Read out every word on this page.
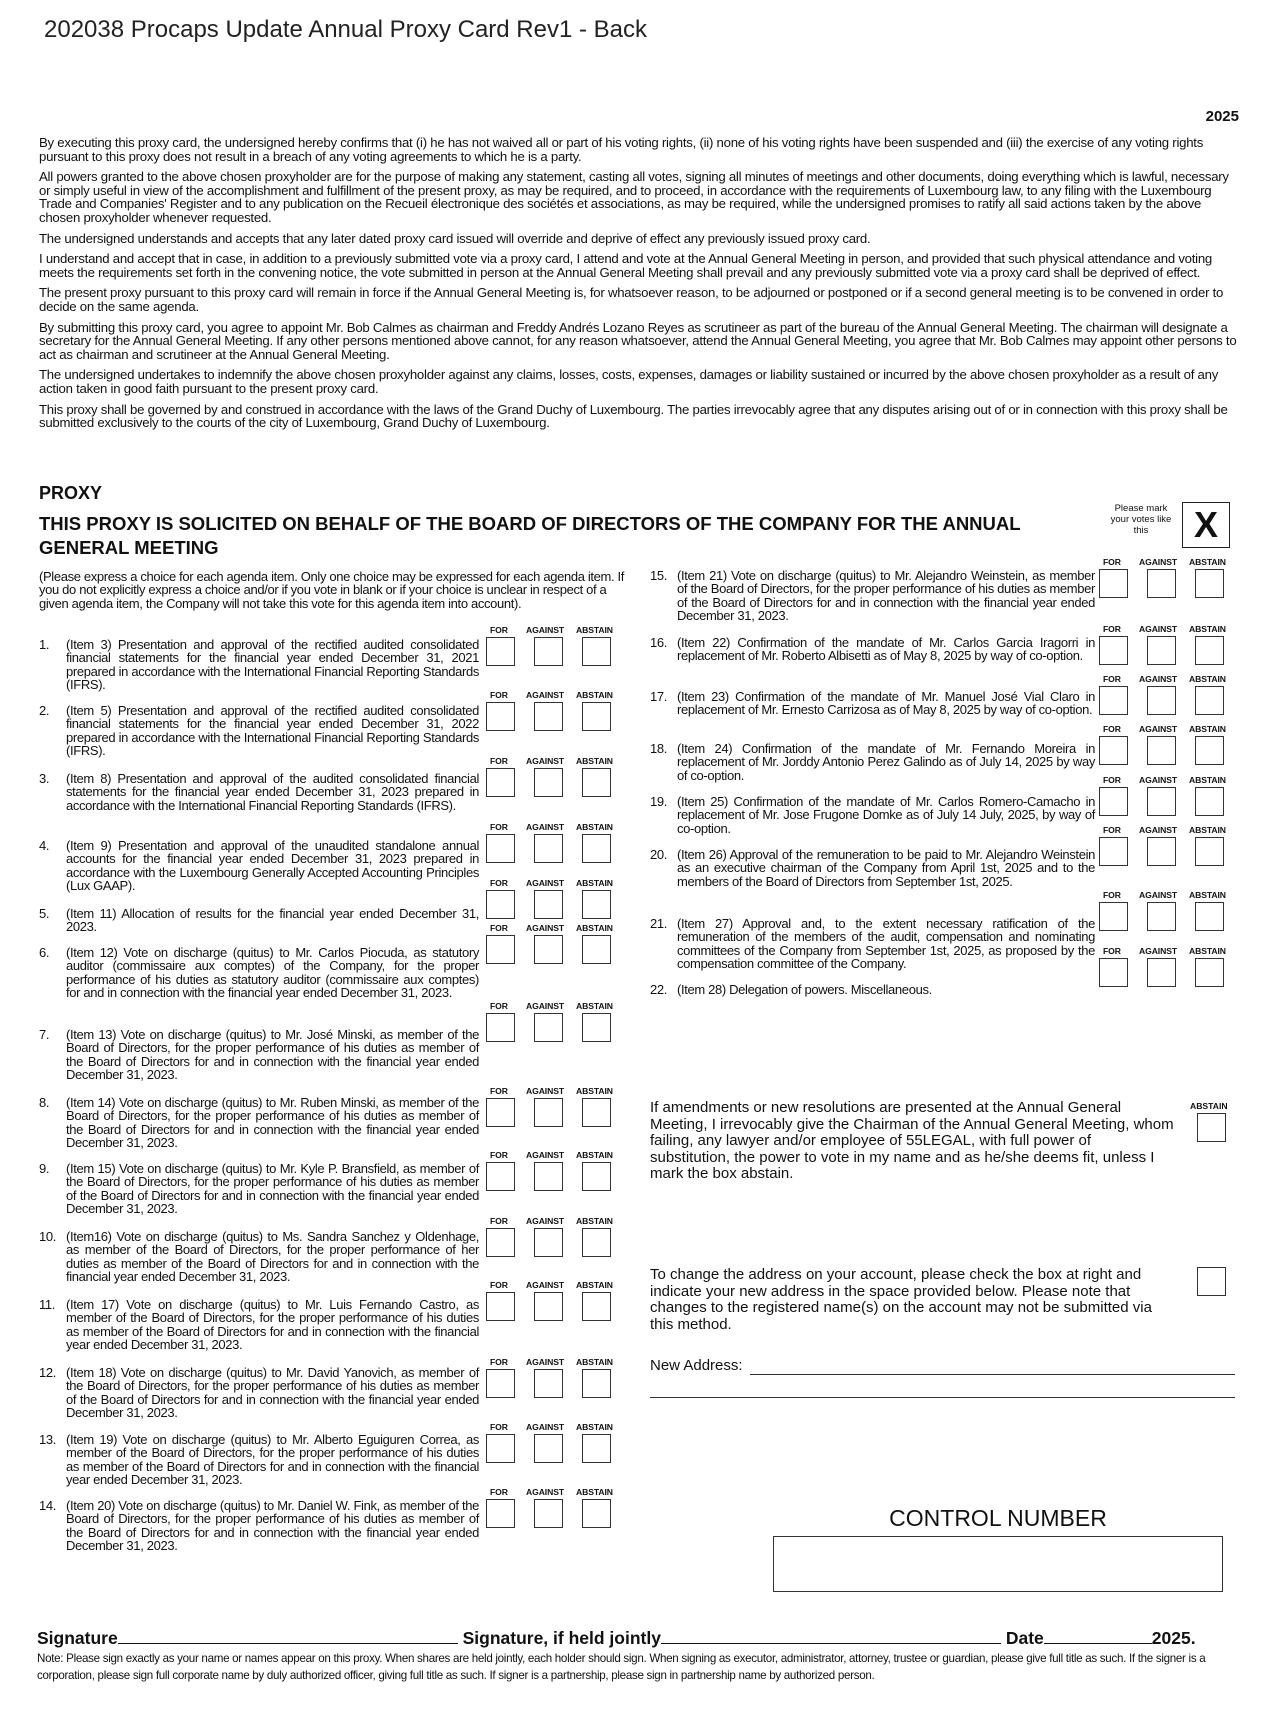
202038 Procaps Update Annual Proxy Card Rev1 - Back
2025

By executing this proxy card, the undersigned hereby confirms that (i) he has not waived all or part of his voting rights, (ii) none of his voting rights have been suspended and (iii) the exercise of any voting rights pursuant to this proxy does not result in a breach of any voting agreements to which he is a party.

All powers granted to the above chosen proxyholder are for the purpose of making any statement, casting all votes, signing all minutes of meetings and other documents, doing everything which is lawful, necessary or simply useful in view of the accomplishment and fulfillment of the present proxy, as may be required, and to proceed, in accordance with the requirements of Luxembourg law, to any filing with the Luxembourg Trade and Companies' Register and to any publication on the Recueil électronique des sociétés et associations, as may be required, while the undersigned promises to ratify all said actions taken by the above chosen proxyholder whenever requested.

The undersigned understands and accepts that any later dated proxy card issued will override and deprive of effect any previously issued proxy card.

I understand and accept that in case, in addition to a previously submitted vote via a proxy card, I attend and vote at the Annual General Meeting in person, and provided that such physical attendance and voting meets the requirements set forth in the convening notice, the vote submitted in person at the Annual General Meeting shall prevail and any previously submitted vote via a proxy card shall be deprived of effect.

The present proxy pursuant to this proxy card will remain in force if the Annual General Meeting is, for whatsoever reason, to be adjourned or postponed or if a second general meeting is to be convened in order to decide on the same agenda.

By submitting this proxy card, you agree to appoint Mr. Bob Calmes as chairman and Freddy Andrés Lozano Reyes as scrutineer as part of the bureau of the Annual General Meeting. The chairman will designate a secretary for the Annual General Meeting. If any other persons mentioned above cannot, for any reason whatsoever, attend the Annual General Meeting, you agree that Mr. Bob Calmes may appoint other persons to act as chairman and scrutineer at the Annual General Meeting.

The undersigned undertakes to indemnify the above chosen proxyholder against any claims, losses, costs, expenses, damages or liability sustained or incurred by the above chosen proxyholder as a result of any action taken in good faith pursuant to the present proxy card.

This proxy shall be governed by and construed in accordance with the laws of the Grand Duchy of Luxembourg. The parties irrevocably agree that any disputes arising out of or in connection with this proxy shall be submitted exclusively to the courts of the city of Luxembourg, Grand Duchy of Luxembourg.

PROXY
THIS PROXY IS SOLICITED ON BEHALF OF THE BOARD OF DIRECTORS OF THE COMPANY FOR THE ANNUAL GENERAL MEETING
Please mark your votes like this	X
(Please express a choice for each agenda item. Only one choice may be expressed for each agenda item. If you do not explicitly express a choice and/or if you vote in blank or if your choice is unclear in respect of a given agenda item, the Company will not take this vote for this agenda item into account).
1. (Item 3) Presentation and approval of the rectified audited consolidated financial statements for the financial year ended December 31, 2021 prepared in accordance with the International Financial Reporting Standards (IFRS).
FOR AGAINST ABSTAIN
2. (Item 5) Presentation and approval of the rectified audited consolidated financial statements for the financial year ended December 31, 2022 prepared in accordance with the International Financial Reporting Standards (IFRS).
FOR AGAINST ABSTAIN
3. (Item 8) Presentation and approval of the audited consolidated financial statements for the financial year ended December 31, 2023 prepared in accordance with the International Financial Reporting Standards (IFRS).
FOR AGAINST ABSTAIN
4. (Item 9) Presentation and approval of the unaudited standalone annual accounts for the financial year ended December 31, 2023 prepared in accordance with the Luxembourg Generally Accepted Accounting Principles (Lux GAAP).
FOR AGAINST ABSTAIN
5. (Item 11) Allocation of results for the financial year ended December 31, 2023.
FOR AGAINST ABSTAIN
6. (Item 12) Vote on discharge (quitus) to Mr. Carlos Piocuda, as statutory auditor (commissaire aux comptes) of the Company, for the proper performance of his duties as statutory auditor (commissaire aux comptes) for and in connection with the financial year ended December 31, 2023.
FOR AGAINST ABSTAIN
7. (Item 13) Vote on discharge (quitus) to Mr. José Minski, as member of the Board of Directors, for the proper performance of his duties as member of the Board of Directors for and in connection with the financial year ended December 31, 2023.
FOR AGAINST ABSTAIN
8. (Item 14) Vote on discharge (quitus) to Mr. Ruben Minski, as member of the Board of Directors, for the proper performance of his duties as member of the Board of Directors for and in connection with the financial year ended December 31, 2023.
FOR AGAINST ABSTAIN
9. (Item 15) Vote on discharge (quitus) to Mr. Kyle P. Bransfield, as member of the Board of Directors, for the proper performance of his duties as member of the Board of Directors for and in connection with the financial year ended December 31, 2023.
FOR AGAINST ABSTAIN
10. (Item16) Vote on discharge (quitus) to Ms. Sandra Sanchez y Oldenhage, as member of the Board of Directors, for the proper performance of her duties as member of the Board of Directors for and in connection with the financial year ended December 31, 2023.
FOR AGAINST ABSTAIN
11. (Item 17) Vote on discharge (quitus) to Mr. Luis Fernando Castro, as member of the Board of Directors, for the proper performance of his duties as member of the Board of Directors for and in connection with the financial year ended December 31, 2023.
FOR AGAINST ABSTAIN
12. (Item 18) Vote on discharge (quitus) to Mr. David Yanovich, as member of the Board of Directors, for the proper performance of his duties as member of the Board of Directors for and in connection with the financial year ended December 31, 2023.
FOR AGAINST ABSTAIN
13. (Item 19) Vote on discharge (quitus) to Mr. Alberto Eguiguren Correa, as member of the Board of Directors, for the proper performance of his duties as member of the Board of Directors for and in connection with the financial year ended December 31, 2023.
FOR AGAINST ABSTAIN
14. (Item 20) Vote on discharge (quitus) to Mr. Daniel W. Fink, as member of the Board of Directors, for the proper performance of his duties as member of the Board of Directors for and in connection with the financial year ended December 31, 2023.
FOR AGAINST ABSTAIN
15. (Item 21) Vote on discharge (quitus) to Mr. Alejandro Weinstein, as member of the Board of Directors, for the proper performance of his duties as member of the Board of Directors for and in connection with the financial year ended December 31, 2023.
FOR AGAINST ABSTAIN
16. (Item 22) Confirmation of the mandate of Mr. Carlos Garcia Iragorri in replacement of Mr. Roberto Albisetti as of May 8, 2025 by way of co-option.
FOR AGAINST ABSTAIN
17. (Item 23) Confirmation of the mandate of Mr. Manuel José Vial Claro in replacement of Mr. Ernesto Carrizosa as of May 8, 2025 by way of co-option.
FOR AGAINST ABSTAIN
18. (Item 24) Confirmation of the mandate of Mr. Fernando Moreira in replacement of Mr. Jorddy Antonio Perez Galindo as of July 14, 2025 by way of co-option.
FOR AGAINST ABSTAIN
19. (Item 25) Confirmation of the mandate of Mr. Carlos Romero-Camacho in replacement of Mr. Jose Frugone Domke as of July 14 July, 2025, by way of co-option.
FOR AGAINST ABSTAIN
20. (Item 26) Approval of the remuneration to be paid to Mr. Alejandro Weinstein as an executive chairman of the Company from April 1st, 2025 and to the members of the Board of Directors from September 1st, 2025.
FOR AGAINST ABSTAIN
21. (Item 27) Approval and, to the extent necessary ratification of the remuneration of the members of the audit, compensation and nominating committees of the Company from September 1st, 2025, as proposed by the compensation committee of the Company.
FOR AGAINST ABSTAIN
22. (Item 28) Delegation of powers. Miscellaneous.
FOR AGAINST ABSTAIN
If amendments or new resolutions are presented at the Annual General Meeting, I irrevocably give the Chairman of the Annual General Meeting, whom failing, any lawyer and/or employee of 55LEGAL, with full power of substitution, the power to vote in my name and as he/she deems fit, unless I mark the box abstain.
ABSTAIN
To change the address on your account, please check the box at right and indicate your new address in the space provided below. Please note that changes to the registered name(s) on the account may not be submitted via this method.
New Address:
CONTROL NUMBER
Signature	Signature, if held jointly	Date	2025.
Note: Please sign exactly as your name or names appear on this proxy. When shares are held jointly, each holder should sign. When signing as executor, administrator, attorney, trustee or guardian, please give full title as such. If the signer is a corporation, please sign full corporate name by duly authorized officer, giving full title as such. If signer is a partnership, please sign in partnership name by authorized person.
